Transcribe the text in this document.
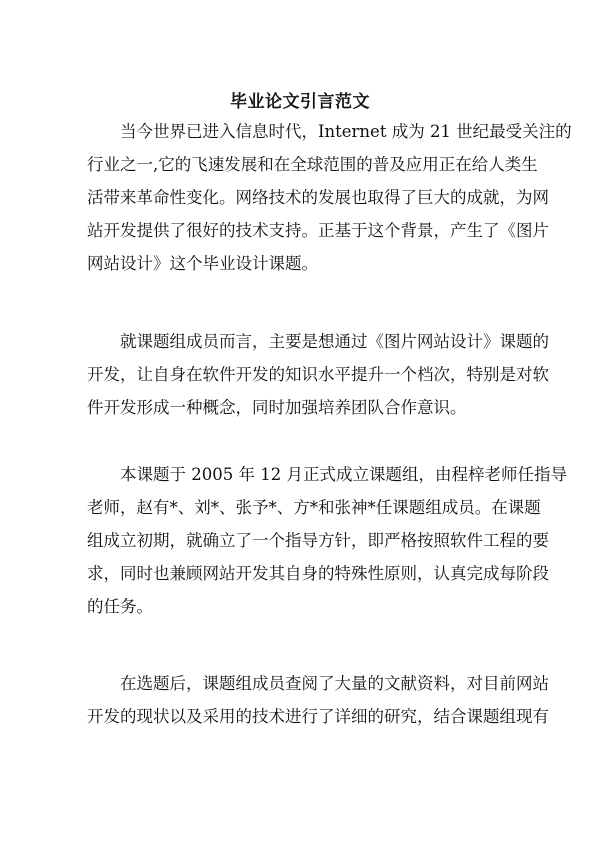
毕业论文引言范文

当今世界已进入信息时代，Internet 成为 21 世纪最受关注的
行业之一,它的飞速发展和在全球范围的普及应用正在给人类生
活带来革命性变化。网络技术的发展也取得了巨大的成就，为网
站开发提供了很好的技术支持。正基于这个背景，产生了《图片
网站设计》这个毕业设计课题。

就课题组成员而言，主要是想通过《图片网站设计》课题的
开发，让自身在软件开发的知识水平提升一个档次，特别是对软
件开发形成一种概念，同时加强培养团队合作意识。

本课题于 2005 年 12 月正式成立课题组，由程梓老师任指导
老师，赵有*、刘*、张予*、方*和张神*任课题组成员。在课题
组成立初期，就确立了一个指导方针，即严格按照软件工程的要
求，同时也兼顾网站开发其自身的特殊性原则，认真完成每阶段
的任务。

在选题后，课题组成员查阅了大量的文献资料，对目前网站
开发的现状以及采用的技术进行了详细的研究，结合课题组现有
